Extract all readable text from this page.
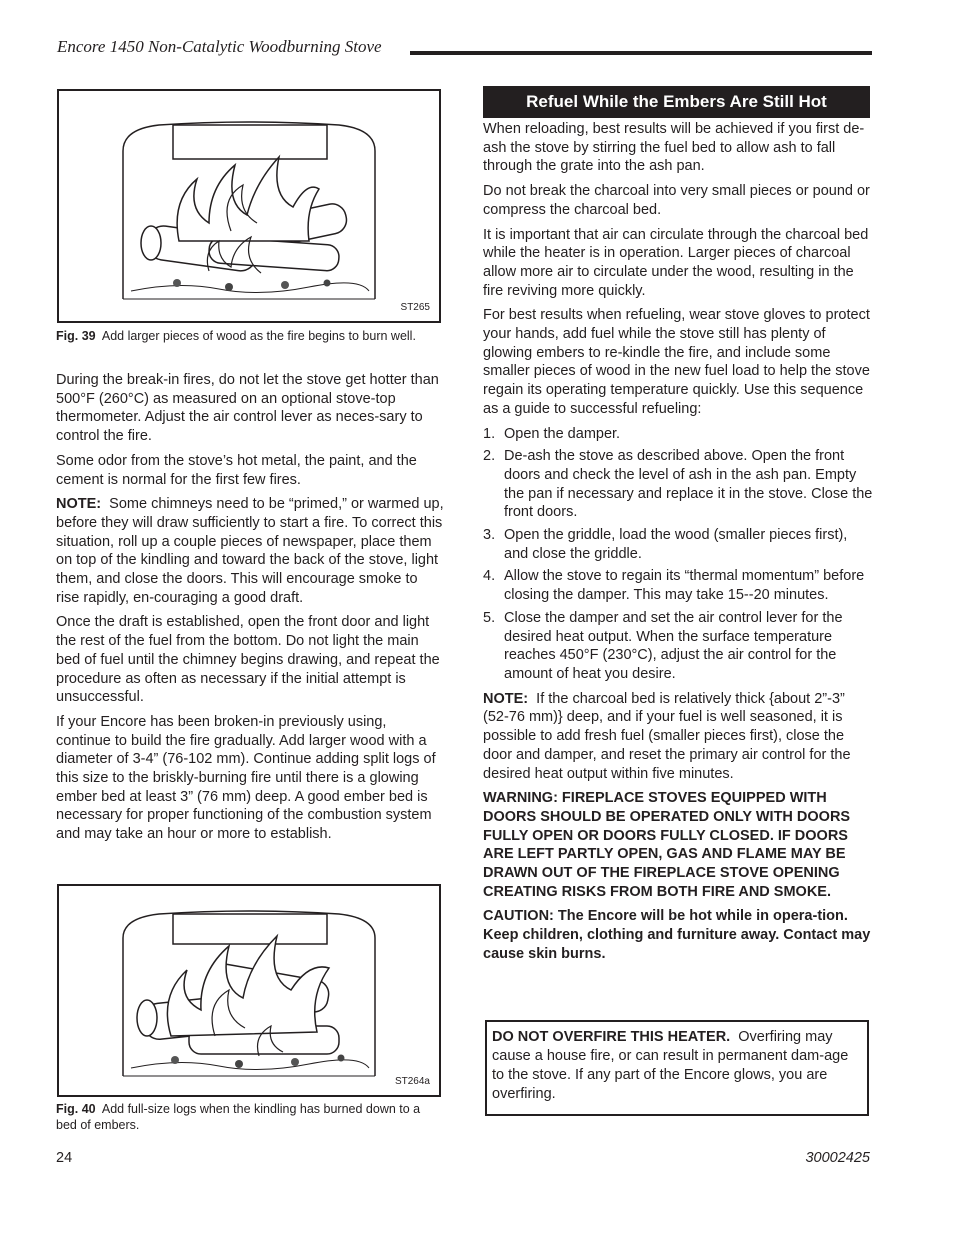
Encore 1450 Non-Catalytic Woodburning Stove
ST265
Fig. 39 Add larger pieces of wood as the fire begins to burn well.

During the break-in fires, do not let the stove get hotter than 500°F (260°C) as measured on an optional stove-top thermometer. Adjust the air control lever as neces-sary to control the fire.

Some odor from the stove’s hot metal, the paint, and the cement is normal for the first few fires.

NOTE: Some chimneys need to be “primed,” or warmed up, before they will draw sufficiently to start a fire. To correct this situation, roll up a couple pieces of newspaper, place them on top of the kindling and toward the back of the stove, light them, and close the doors. This will encourage smoke to rise rapidly, en-couraging a good draft.

Once the draft is established, open the front door and light the rest of the fuel from the bottom. Do not light the main bed of fuel until the chimney begins drawing, and repeat the procedure as often as necessary if the initial attempt is unsuccessful.

If your Encore has been broken-in previously using, continue to build the fire gradually. Add larger wood with a diameter of 3-4” (76-102 mm). Continue adding split logs of this size to the briskly-burning fire until there is a glowing ember bed at least 3” (76 mm) deep. A good ember bed is necessary for proper functioning of the combustion system and may take an hour or more to establish.

ST264a
Fig. 40 Add full-size logs when the kindling has burned down to a bed of embers.
Refuel While the Embers Are Still Hot

When reloading, best results will be achieved if you first de-ash the stove by stirring the fuel bed to allow ash to fall through the grate into the ash pan.

Do not break the charcoal into very small pieces or pound or compress the charcoal bed.

It is important that air can circulate through the charcoal bed while the heater is in operation. Larger pieces of charcoal allow more air to circulate under the wood, resulting in the fire reviving more quickly.

For best results when refueling, wear stove gloves to protect your hands, add fuel while the stove still has plenty of glowing embers to re-kindle the fire, and include some smaller pieces of wood in the new fuel load to help the stove regain its operating temperature quickly. Use this sequence as a guide to successful refueling:

1. Open the damper.
2. De-ash the stove as described above. Open the front doors and check the level of ash in the ash pan. Empty the pan if necessary and replace it in the stove. Close the front doors.
3. Open the griddle, load the wood (smaller pieces first), and close the griddle.
4. Allow the stove to regain its “thermal momentum” before closing the damper. This may take 15--20 minutes.
5. Close the damper and set the air control lever for the desired heat output. When the surface temperature reaches 450°F (230°C), adjust the air control for the amount of heat you desire.

NOTE: If the charcoal bed is relatively thick {about 2”-3” (52-76 mm)} deep, and if your fuel is well seasoned, it is possible to add fresh fuel (smaller pieces first), close the door and damper, and reset the primary air control for the desired heat output within five minutes.

WARNING: FIREPLACE STOVES EQUIPPED WITH DOORS SHOULD BE OPERATED ONLY WITH DOORS FULLY OPEN OR DOORS FULLY CLOSED. IF DOORS ARE LEFT PARTLY OPEN, GAS AND FLAME MAY BE DRAWN OUT OF THE FIREPLACE STOVE OPENING CREATING RISKS FROM BOTH FIRE AND SMOKE.

CAUTION: The Encore will be hot while in opera-tion. Keep children, clothing and furniture away. Contact may cause skin burns.

DO NOT OVERFIRE THIS HEATER. Overfiring may cause a house fire, or can result in permanent dam-age to the stove. If any part of the Encore glows, you are overfiring.
24	30002425
